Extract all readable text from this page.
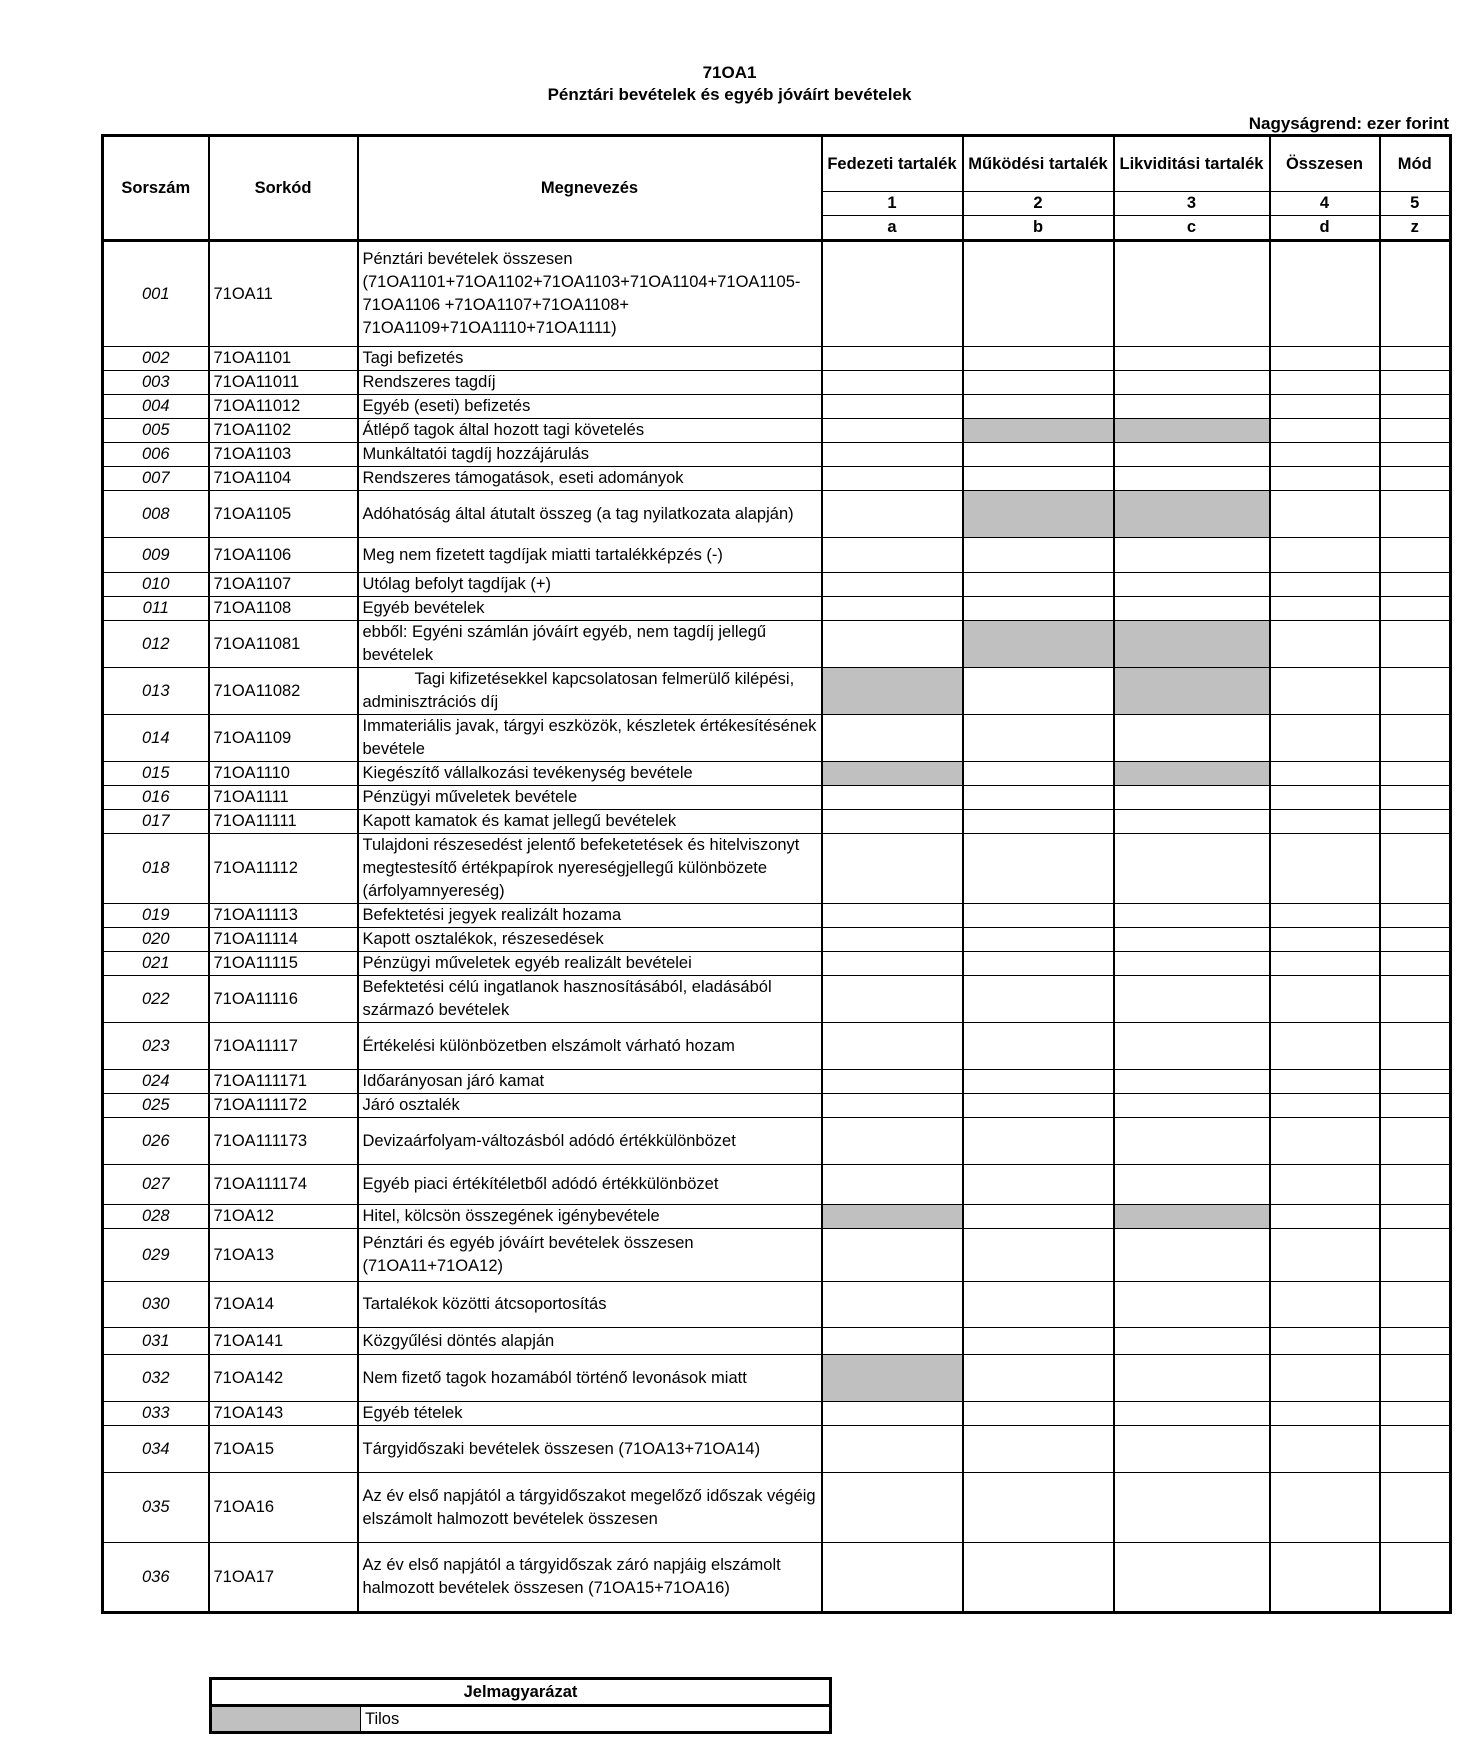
71OA1
Pénztári bevételek és egyéb jóváírt bevételek
Nagyságrend: ezer forint
Sorszám	Sorkód	Megnevezés	Fedezeti tartalék	Működési tartalék	Likviditási tartalék	Összesen	Mód
			1	2	3	4	5
			a	b	c	d	z
001	71OA11	Pénztári bevételek összesen (71OA1101+71OA1102+71OA1103+71OA1104+71OA1105-71OA1106 +71OA1107+71OA1108+ 71OA1109+71OA1110+71OA1111)					
002	71OA1101	Tagi befizetés					
003	71OA11011	Rendszeres tagdíj					
004	71OA11012	Egyéb (eseti) befizetés					
005	71OA1102	Átlépő tagok által hozott tagi követelés					
006	71OA1103	Munkáltatói tagdíj hozzájárulás					
007	71OA1104	Rendszeres támogatások, eseti adományok					
008	71OA1105	Adóhatóság által átutalt összeg (a tag nyilatkozata alapján)					
009	71OA1106	Meg nem fizetett tagdíjak miatti tartalékképzés (-)					
010	71OA1107	Utólag befolyt tagdíjak (+)					
011	71OA1108	Egyéb bevételek					
012	71OA11081	ebből: Egyéni számlán jóváírt egyéb, nem tagdíj jellegű bevételek					
013	71OA11082	Tagi kifizetésekkel kapcsolatosan felmerülő kilépési, adminisztrációs díj					
014	71OA1109	Immateriális javak, tárgyi eszközök, készletek értékesítésének bevétele					
015	71OA1110	Kiegészítő vállalkozási tevékenység bevétele					
016	71OA1111	Pénzügyi műveletek bevétele					
017	71OA11111	Kapott kamatok és kamat jellegű bevételek					
018	71OA11112	Tulajdoni részesedést jelentő befeketetések és hitelviszonyt megtestesítő értékpapírok nyereségjellegű különbözete (árfolyamnyereség)					
019	71OA11113	Befektetési jegyek realizált hozama					
020	71OA11114	Kapott osztalékok, részesedések					
021	71OA11115	Pénzügyi műveletek egyéb realizált bevételei					
022	71OA11116	Befektetési célú ingatlanok hasznosításából, eladásából származó bevételek					
023	71OA11117	Értékelési különbözetben elszámolt várható hozam					
024	71OA111171	Időarányosan járó kamat					
025	71OA111172	Járó osztalék					
026	71OA111173	Devizaárfolyam-változásból adódó értékkülönbözet					
027	71OA111174	Egyéb piaci értékítéletből adódó értékkülönbözet					
028	71OA12	Hitel, kölcsön összegének igénybevétele					
029	71OA13	Pénztári és egyéb jóváírt bevételek összesen (71OA11+71OA12)					
030	71OA14	Tartalékok közötti átcsoportosítás					
031	71OA141	Közgyűlési döntés alapján					
032	71OA142	Nem fizető tagok hozamából történő levonások miatt					
033	71OA143	Egyéb tételek					
034	71OA15	Tárgyidőszaki bevételek összesen (71OA13+71OA14)					
035	71OA16	Az év első napjától a tárgyidőszakot megelőző időszak végéig elszámolt halmozott bevételek összesen					
036	71OA17	Az év első napjától a tárgyidőszak záró napjáig elszámolt halmozott bevételek összesen (71OA15+71OA16)					
Jelmagyarázat
	Tilos
